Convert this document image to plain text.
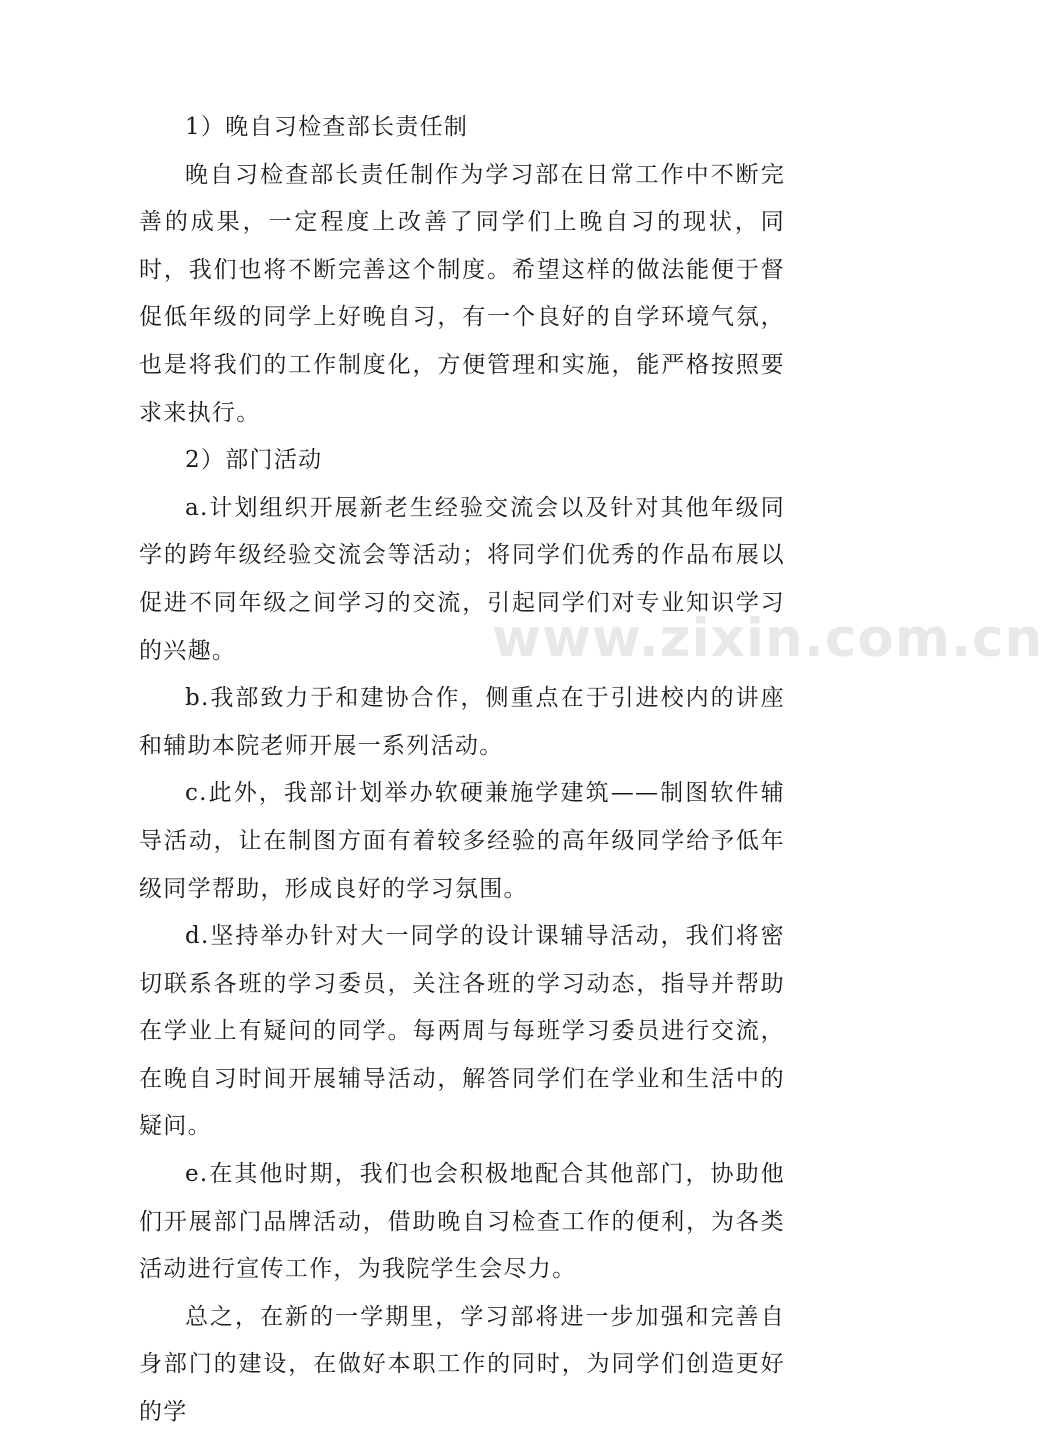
1）晚自习检查部长责任制

晚自习检查部长责任制作为学习部在日常工作中不断完善的成果，一定程度上改善了同学们上晚自习的现状，同时，我们也将不断完善这个制度。希望这样的做法能便于督促低年级的同学上好晚自习，有一个良好的自学环境气氛，也是将我们的工作制度化，方便管理和实施，能严格按照要求来执行。

2）部门活动

a.计划组织开展新老生经验交流会以及针对其他年级同学的跨年级经验交流会等活动；将同学们优秀的作品布展以促进不同年级之间学习的交流，引起同学们对专业知识学习的兴趣。

b.我部致力于和建协合作，侧重点在于引进校内的讲座和辅助本院老师开展一系列活动。

c.此外，我部计划举办软硬兼施学建筑——制图软件辅导活动，让在制图方面有着较多经验的高年级同学给予低年级同学帮助，形成良好的学习氛围。

d.坚持举办针对大一同学的设计课辅导活动，我们将密切联系各班的学习委员，关注各班的学习动态，指导并帮助在学业上有疑问的同学。每两周与每班学习委员进行交流，在晚自习时间开展辅导活动，解答同学们在学业和生活中的疑问。

e.在其他时期，我们也会积极地配合其他部门，协助他们开展部门品牌活动，借助晚自习检查工作的便利，为各类活动进行宣传工作，为我院学生会尽力。

总之，在新的一学期里，学习部将进一步加强和完善自身部门的建设，在做好本职工作的同时，为同学们创造更好的学

www.zixin.com.cn
